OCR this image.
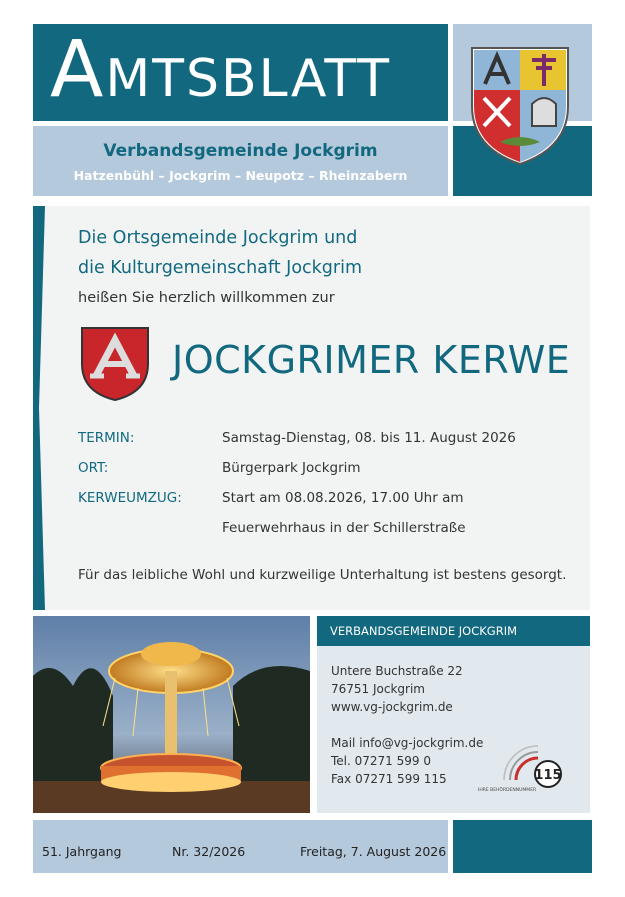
AMTSBLATT
Verbandsgemeinde Jockgrim
Hatzenbühl – Jockgrim – Neupotz – Rheinzabern
Die Ortsgemeinde Jockgrim und
die Kulturgemeinschaft Jockgrim
heißen Sie herzlich willkommen zur
JOCKGRIMER KERWE
TERMIN:	Samstag-Dienstag, 08. bis 11. August 2026
ORT:	Bürgerpark Jockgrim
KERWEUMZUG:	Start am 08.08.2026, 17.00 Uhr am
Feuerwehrhaus in der Schillerstraße
Für das leibliche Wohl und kurzweilige Unterhaltung ist bestens gesorgt.
VERBANDSGEMEINDE JOCKGRIM
Untere Buchstraße 22
76751 Jockgrim
www.vg-jockgrim.de
Mail info@vg-jockgrim.de
Tel. 07271 599 0
Fax 07271 599 115	115
IHRE BEHÖRDENNUMMER
51. Jahrgang	Nr. 32/2026	Freitag, 7. August 2026
